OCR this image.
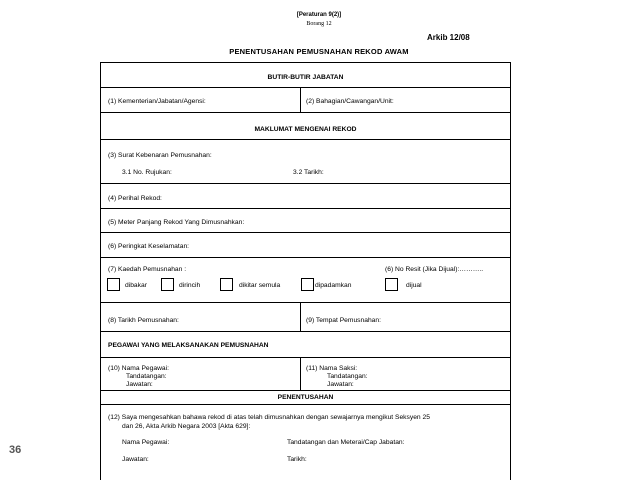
[Peraturan 9(2)]
Borang 12
Arkib 12/08
PENENTUSAHAN PEMUSNAHAN REKOD AWAM
BUTIR-BUTIR JABATAN
(1) Kementerian/Jabatan/Agensi:	(2) Bahagian/Cawangan/Unit:
MAKLUMAT MENGENAI REKOD
(3) Surat Kebenaran Pemusnahan:
3.1 No. Rujukan:	3.2 Tarikh:
(4) Perihal Rekod:
(5) Meter Panjang Rekod Yang Dimusnahkan:
(6) Peringkat Keselamatan:
(7) Kaedah Pemusnahan :	(6) No Resit (Jika Dijual):………..
dibakar	dirincih	dikitar semula	dipadamkan	dijual
(8) Tarikh Pemusnahan:	(9) Tempat Pemusnahan:
PEGAWAI YANG MELAKSANAKAN PEMUSNAHAN
(10) Nama Pegawai:
Tandatangan:
Jawatan:
(11) Nama Saksi:
Tandatangan:
Jawatan:
PENENTUSAHAN
(12) Saya mengesahkan bahawa rekod di atas telah dimusnahkan dengan sewajarnya mengikut Seksyen 25
dan 26, Akta Arkib Negara 2003 [Akta 629]:
Nama Pegawai:	Tandatangan dan Meterai/Cap Jabatan:
Jawatan:	Tarikh:
36
